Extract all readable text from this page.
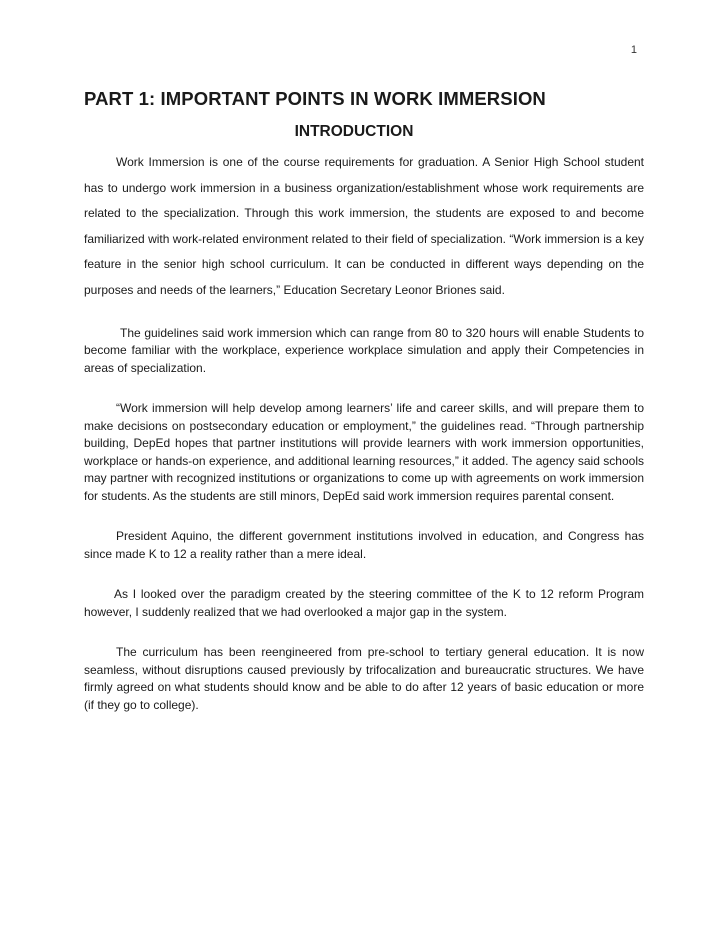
1
PART 1: IMPORTANT POINTS IN WORK IMMERSION
INTRODUCTION

Work Immersion is one of the course requirements for graduation. A Senior High School student has to undergo work immersion in a business organization/establishment whose work requirements are related to the specialization. Through this work immersion, the students are exposed to and become familiarized with work-related environment related to their field of specialization. “Work immersion is a key feature in the senior high school curriculum. It can be conducted in different ways depending on the purposes and needs of the learners,” Education Secretary Leonor Briones said.

The guidelines said work immersion which can range from 80 to 320 hours will enable Students to become familiar with the workplace, experience workplace simulation and apply their Competencies in areas of specialization.

“Work immersion will help develop among learners’ life and career skills, and will prepare them to make decisions on postsecondary education or employment,” the guidelines read. “Through partnership building, DepEd hopes that partner institutions will provide learners with work immersion opportunities, workplace or hands-on experience, and additional learning resources,” it added. The agency said schools may partner with recognized institutions or organizations to come up with agreements on work immersion for students. As the students are still minors, DepEd said work immersion requires parental consent.

President Aquino, the different government institutions involved in education, and Congress has since made K to 12 a reality rather than a mere ideal.

As I looked over the paradigm created by the steering committee of the K to 12 reform Program however, I suddenly realized that we had overlooked a major gap in the system.

The curriculum has been reengineered from pre-school to tertiary general education. It is now seamless, without disruptions caused previously by trifocalization and bureaucratic structures. We have firmly agreed on what students should know and be able to do after 12 years of basic education or more (if they go to college).
